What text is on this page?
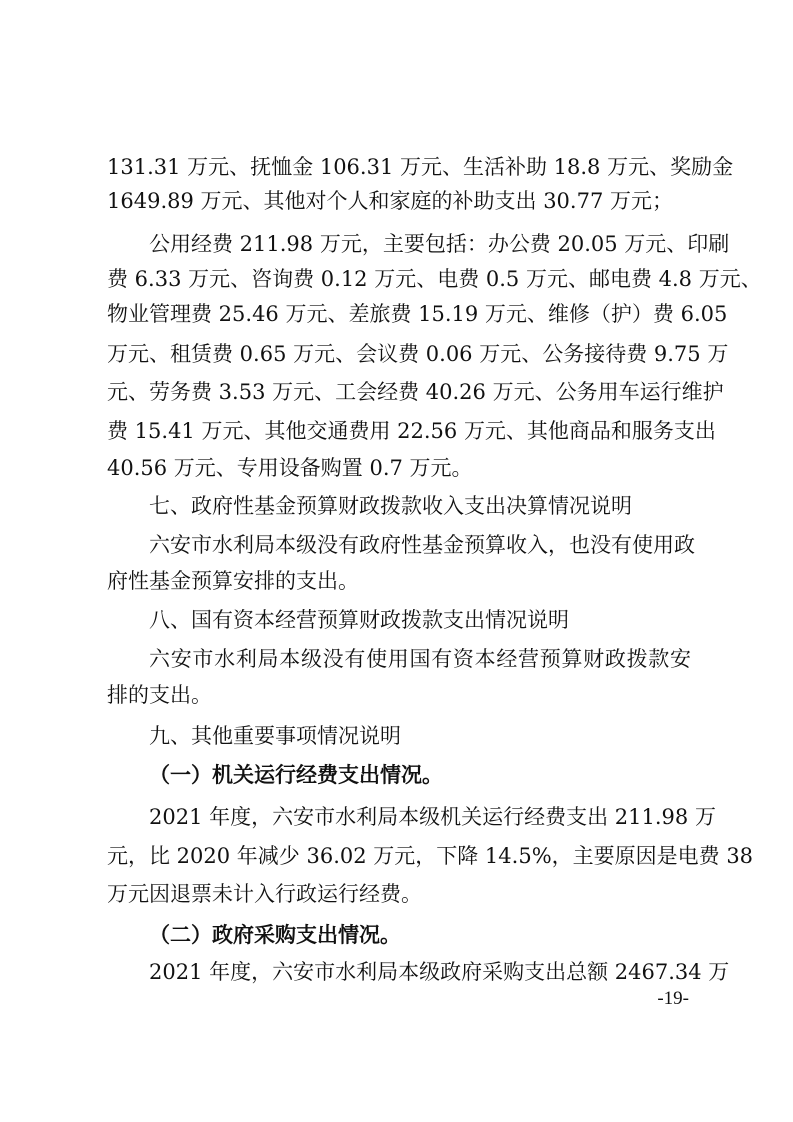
131.31 万元、抚恤金 106.31 万元、生活补助 18.8 万元、奖励金

1649.89 万元、其他对个人和家庭的补助支出 30.77 万元；

公用经费 211.98 万元，主要包括：办公费 20.05 万元、印刷

费 6.33 万元、咨询费 0.12 万元、电费 0.5 万元、邮电费 4.8 万元、

物业管理费 25.46 万元、差旅费 15.19 万元、维修（护）费 6.05

万元、租赁费 0.65 万元、会议费 0.06 万元、公务接待费 9.75 万

元、劳务费 3.53 万元、工会经费 40.26 万元、公务用车运行维护

费 15.41 万元、其他交通费用 22.56 万元、其他商品和服务支出

40.56 万元、专用设备购置 0.7 万元。

七、政府性基金预算财政拨款收入支出决算情况说明

六安市水利局本级没有政府性基金预算收入，也没有使用政

府性基金预算安排的支出。

八、国有资本经营预算财政拨款支出情况说明

六安市水利局本级没有使用国有资本经营预算财政拨款安

排的支出。

九、其他重要事项情况说明

（一）机关运行经费支出情况。

2021 年度，六安市水利局本级机关运行经费支出 211.98 万

元，比 2020 年减少 36.02 万元，下降 14.5%，主要原因是电费 38

万元因退票未计入行政运行经费。

（二）政府采购支出情况。

2021 年度，六安市水利局本级政府采购支出总额 2467.34 万

-19-
